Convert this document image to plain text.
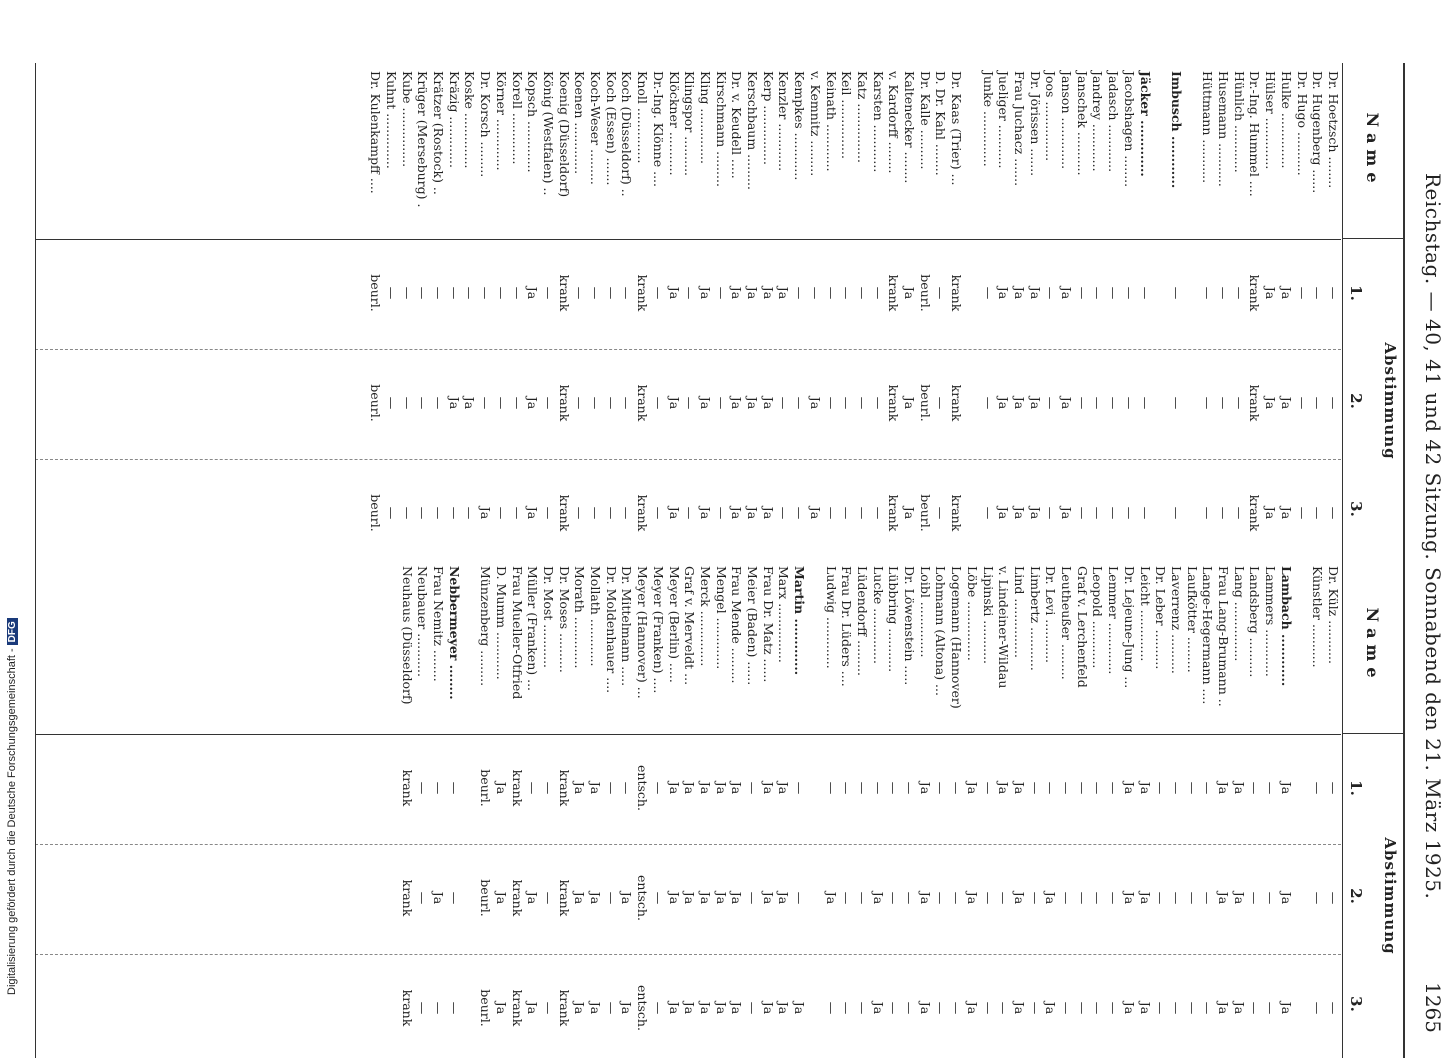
Digitalisierung gefördert durch die Deutsche Forschungsgemeinschaft -DFG	Reichstag. — 40, 41 und 42 Sitzung. Sonnabend den 21. März 1925.
1265
Name
Abstimmung
1.
2.
3.
Dr. Hoetzsch ........
—
—
—
Dr. Hugenberg ......
—
—
—
Dr. Hugo ...........
—
—
—
Hulke ..............
Ja
Ja
Ja
Hülser .............
Ja
Ja
Ja
Dr.-Ing. Hummel ....
krank
krank
krank
Hünlich ............
—
—
—
Husemann ...........
—
—
—
Hüttmann ...........
—
—
—
Imbusch ............
—
—
—
Jäcker .............
—
—
—
Jacobshagen ........
—
—
—
Jadasch ............
—
—
—
Jandrey ............
—
—
—
Janschek ...........
—
—
—
Janson .............
Ja
Ja
Ja
Joos ...............
—
—
—
Dr. Jörissen .......
Ja
Ja
Ja
Frau Juchacz .......
Ja
Ja
Ja
Jueliger ...........
Ja
Ja
Ja
Junke ..............
—
—
—
Dr. Kaas (Trier) ...
krank
krank
krank
D. Dr. Kahl ........
—
—
—
Dr. Kalle ..........
beurl.
beurl.
beurl.
Kaltenecker ........
Ja
Ja
Ja
v. Kardorff ........
krank
krank
krank
Karsten ............
—
—
—
Katz ...............
—
—
—
Keil ...............
—
—
—
Keinath ............
—
—
—
v. Kemnitz .........
—
Ja
Ja
Kempkes ............
—
—
—
Kenzler ............
Ja
—
—
Kerp ...............
Ja
Ja
Ja
Kerschbaum .........
Ja
Ja
Ja
Dr. v. Keudell .....
Ja
Ja
Ja
Kirschmann .........
—
—
—
Kling ..............
Ja
Ja
Ja
Klingspor ..........
—
—
—
Klöckner ...........
Ja
Ja
Ja
Dr.-Ing. Klönne ....
—
—
—
Knoll ..............
krank
krank
krank
Koch (Düsseldorf) ..
—
—
—
Koch (Essen) .......
—
—
—
Koch-Weser .........
—
—
—
Koenen .............
—
—
—
Koenig (Düsseldorf)
krank
krank
krank
König (Westfalen) ..
—
—
—
Kopsch .............
Ja
Ja
Ja
Korell .............
—
—
—
Körner .............
—
—
—
Dr. Korsch .........
—
—
Ja
Koske ..............
—
Ja
—
Kräzig .............
—
Ja
—
Krätzer (Rostock) ..
—
—
—
Krüger (Merseburg) .
—
—
—
Kube ...............
—
—
—
Kuhnt ..............
—
—
—
Dr. Kulenkampff ....
beurl.
beurl.
beurl.
Name
Abstimmung
1.
2.
3.
Dr. Külz ...........
—
—
—
Künstler ...........
—
—
—
Lambach ............
Ja
Ja
Ja
Lammers ............
—
—
—
Landsberg ..........
—
—
—
Lang ...............
Ja
Ja
Ja
Frau Lang-Brumann ..
Ja
Ja
Ja
Lange-Hegermann ....
—
—
—
Laufkötter .........
—
—
—
Laverrenz ..........
—
—
—
Dr. Leber ..........
—
—
—
Leicht .............
Ja
Ja
Ja
Dr. Lejeune-Jung ...
Ja
Ja
Ja
Lemmer .............
—
—
—
Leopold ............
—
—
—
Graf v. Lerchenfeld
—
—
—
Leutheußer .........
—
—
—
Dr. Levi ...........
—
Ja
Ja
Limbertz ...........
—
—
—
Lind ...............
Ja
Ja
Ja
v. Lindeiner-Wildau
Ja
—
—
Lipinski ...........
—
—
—
Löbe ...............
Ja
Ja
Ja
Logemann (Hannover)
—
—
—
Lohmann (Altona) ...
—
—
—
Loibl ..............
Ja
Ja
Ja
Dr. Löwenstein .....
—
—
—
Lübbring ...........
—
—
—
Lucke ..............
—
Ja
Ja
Lüdendorff .........
—
—
—
Frau Dr. Lüders ....
—
—
—
Ludwig .............
—
Ja
—
Martin .............
—
—
Ja
Marx ...............
Ja
Ja
Ja
Frau Dr. Matz ......
Ja
Ja
Ja
Meier (Baden) ......
—
—
—
Frau Mende .........
Ja
Ja
Ja
Mengel .............
Ja
Ja
Ja
Merck ..............
Ja
Ja
Ja
Graf v. Merveldt ...
Ja
Ja
Ja
Meyer (Berlin) .....
Ja
Ja
Ja
Meyer (Franken) ....
—
—
—
Meyer (Hannover) ...
entsch.
entsch.
entsch.
Dr. Mittelmann .....
—
Ja
Ja
Dr. Moldenhauer ....
—
—
—
Mollath ............
Ja
Ja
Ja
Morath .............
Ja
Ja
Ja
Dr. Moses ..........
krank
krank
krank
Dr. Most ...........
—
—
—
Müller (Franken) ...
—
Ja
Ja
Frau Mueller-Otfried
krank
krank
krank
D. Mumm ............
Ja
Ja
Ja
Münzenberg .........
beurl.
beurl.
beurl.
Nebbermeyer ........
—
—
—
Frau Nemitz ........
—
Ja
—
Neubauer ...........
—
—
—
Neuhaus (Düsseldorf)
krank
krank
krank
